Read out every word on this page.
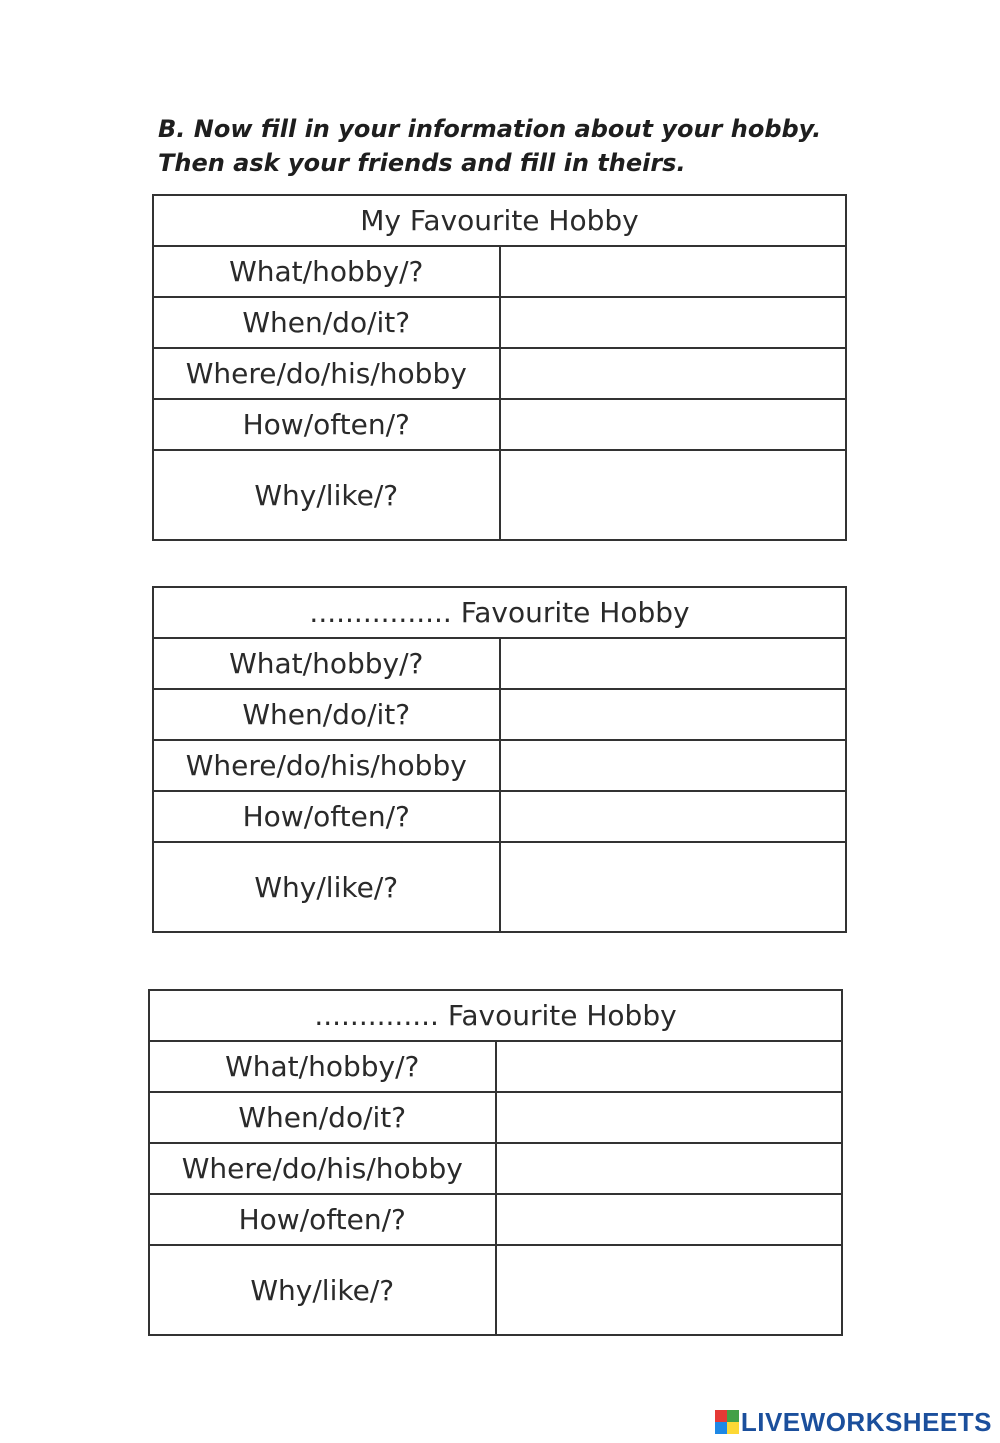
B. Now fill in your information about your hobby.
Then ask your friends and fill in theirs.
My Favourite Hobby	
What/hobby/?	
When/do/it?	
Where/do/his/hobby	
How/often/?	
Why/like/?	
................ Favourite Hobby	
What/hobby/?	
When/do/it?	
Where/do/his/hobby	
How/often/?	
Why/like/?	
.............. Favourite Hobby	
What/hobby/?	
When/do/it?	
Where/do/his/hobby	
How/often/?	
Why/like/?	
LIVEWORKSHEETS
